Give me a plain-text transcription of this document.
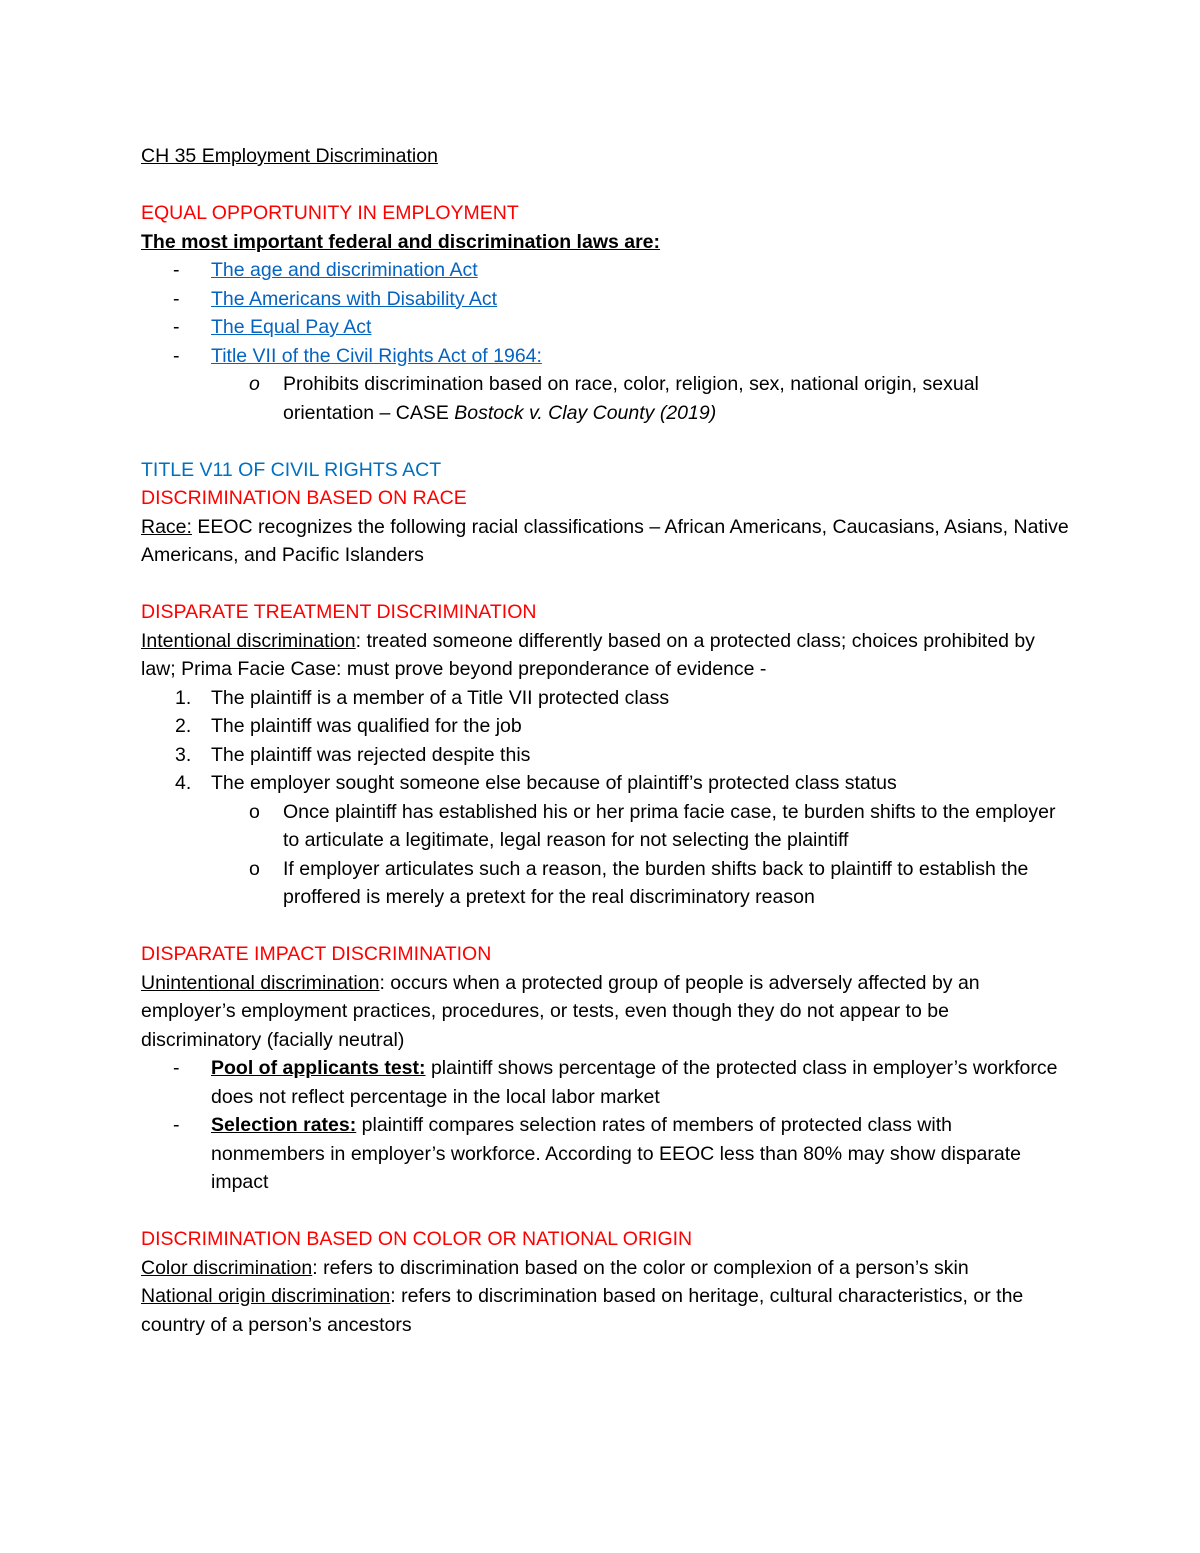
CH 35 Employment Discrimination
EQUAL OPPORTUNITY IN EMPLOYMENT
The most important federal and discrimination laws are:
- The age and discrimination Act
- The Americans with Disability Act
- The Equal Pay Act
- Title VII of the Civil Rights Act of 1964:
o Prohibits discrimination based on race, color, religion, sex, national origin, sexual orientation – CASE Bostock v. Clay County (2019)
TITLE V11 OF CIVIL RIGHTS ACT
DISCRIMINATION BASED ON RACE
Race: EEOC recognizes the following racial classifications – African Americans, Caucasians, Asians, Native Americans, and Pacific Islanders
DISPARATE TREATMENT DISCRIMINATION
Intentional discrimination: treated someone differently based on a protected class; choices prohibited by law; Prima Facie Case: must prove beyond preponderance of evidence -
1. The plaintiff is a member of a Title VII protected class
2. The plaintiff was qualified for the job
3. The plaintiff was rejected despite this
4. The employer sought someone else because of plaintiff’s protected class status
o Once plaintiff has established his or her prima facie case, te burden shifts to the employer to articulate a legitimate, legal reason for not selecting the plaintiff
o If employer articulates such a reason, the burden shifts back to plaintiff to establish the proffered is merely a pretext for the real discriminatory reason
DISPARATE IMPACT DISCRIMINATION
Unintentional discrimination: occurs when a protected group of people is adversely affected by an employer’s employment practices, procedures, or tests, even though they do not appear to be discriminatory (facially neutral)
- Pool of applicants test: plaintiff shows percentage of the protected class in employer’s workforce does not reflect percentage in the local labor market
- Selection rates: plaintiff compares selection rates of members of protected class with nonmembers in employer’s workforce. According to EEOC less than 80% may show disparate impact
DISCRIMINATION BASED ON COLOR OR NATIONAL ORIGIN
Color discrimination: refers to discrimination based on the color or complexion of a person’s skin
National origin discrimination: refers to discrimination based on heritage, cultural characteristics, or the country of a person’s ancestors
